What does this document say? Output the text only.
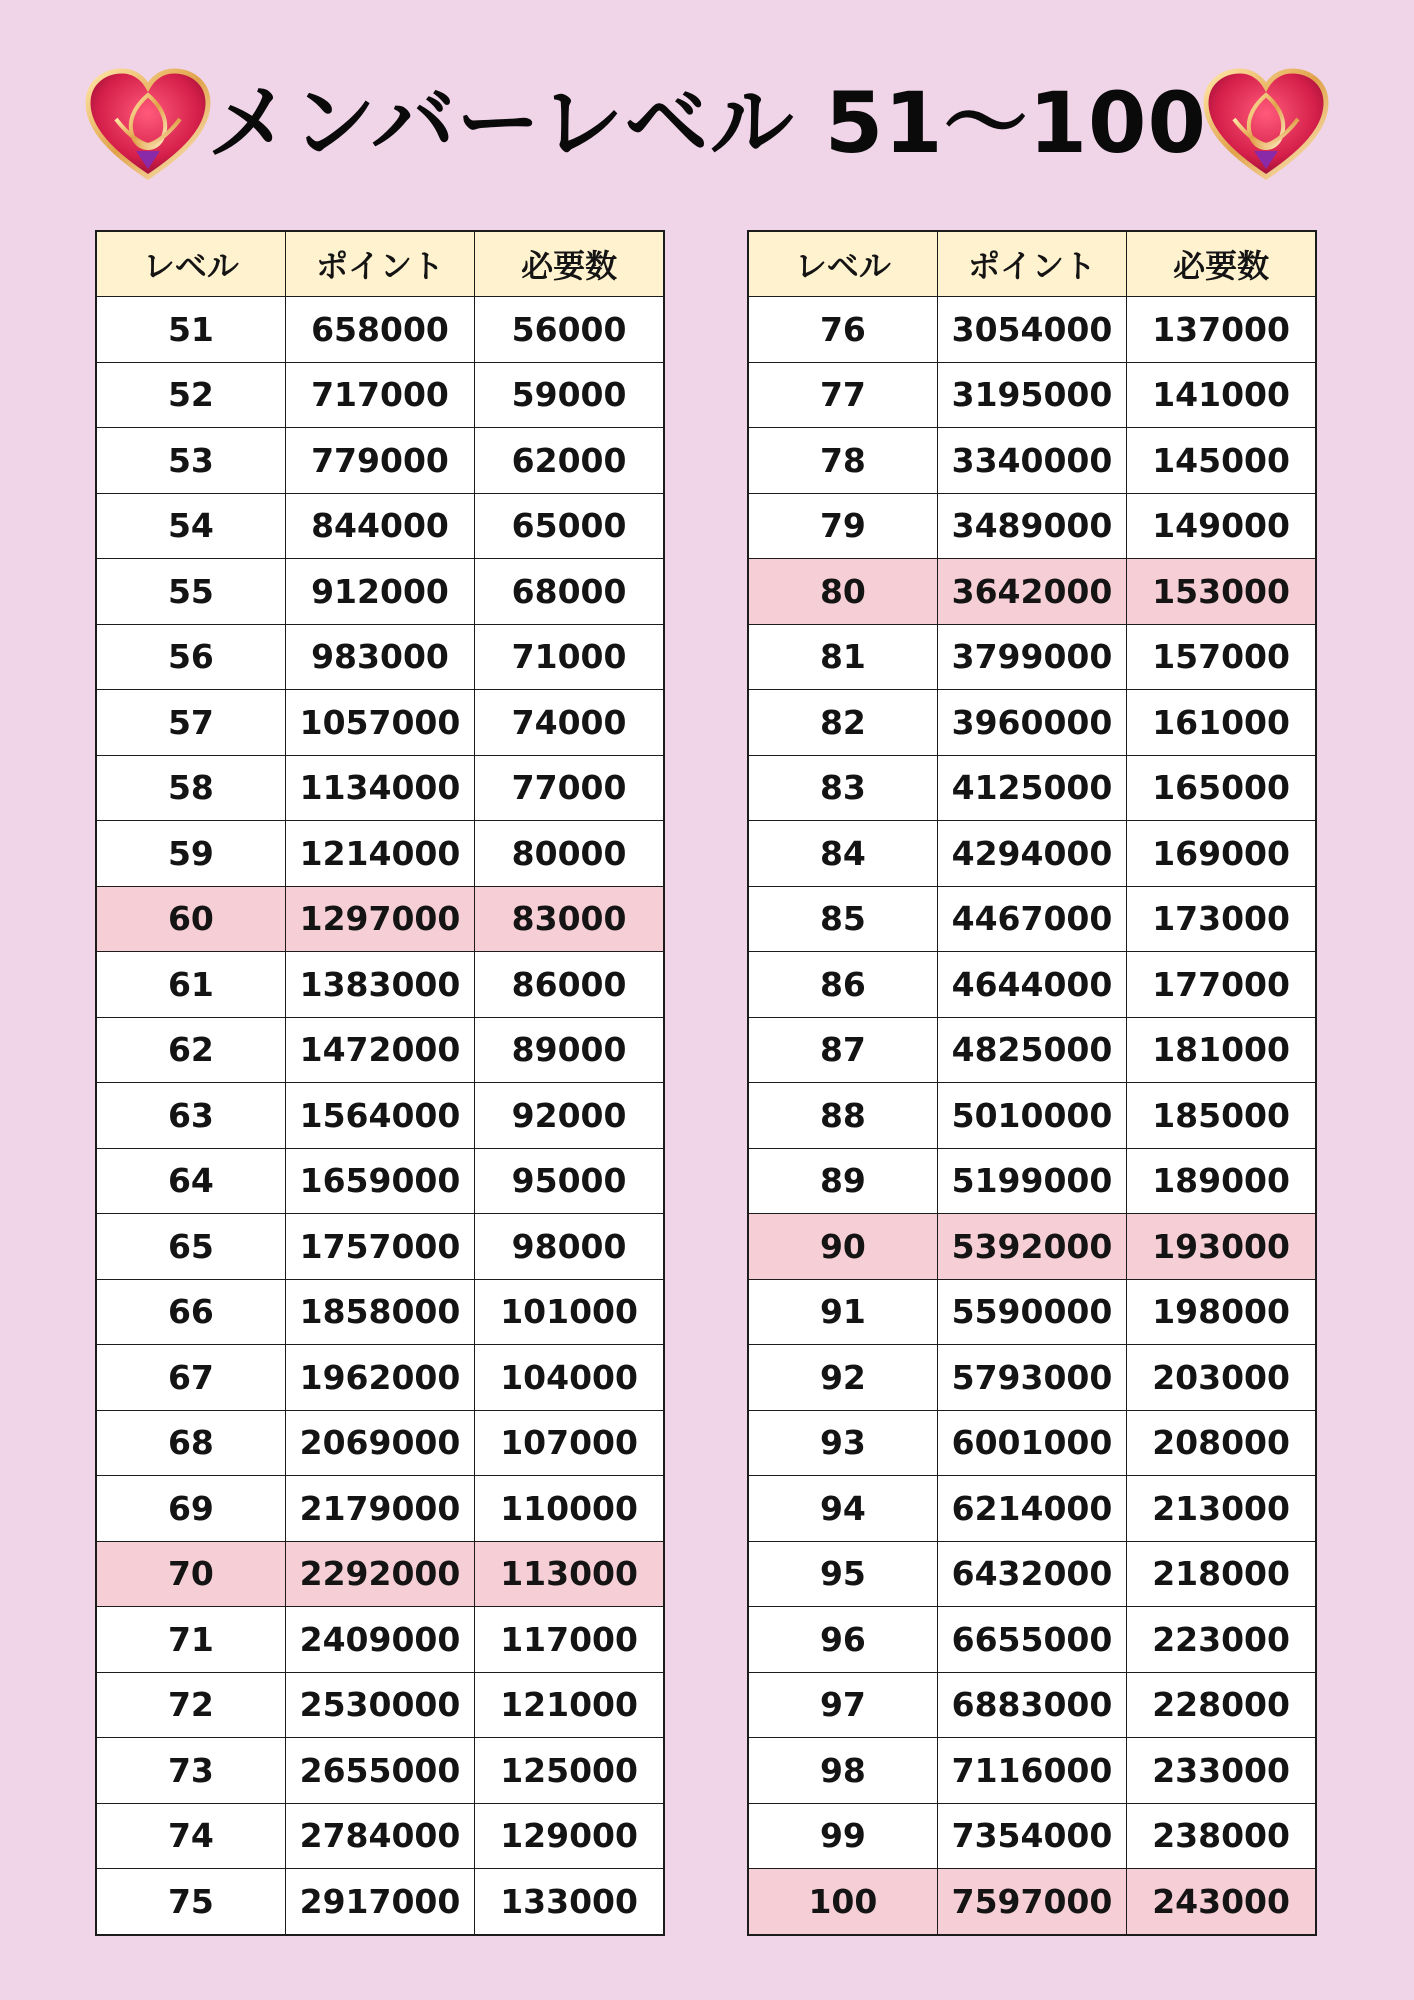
メンバーレベル 51〜100
レベル	ポイント	必要数
51	658000	56000
52	717000	59000
53	779000	62000
54	844000	65000
55	912000	68000
56	983000	71000
57	1057000	74000
58	1134000	77000
59	1214000	80000
60	1297000	83000
61	1383000	86000
62	1472000	89000
63	1564000	92000
64	1659000	95000
65	1757000	98000
66	1858000	101000
67	1962000	104000
68	2069000	107000
69	2179000	110000
70	2292000	113000
71	2409000	117000
72	2530000	121000
73	2655000	125000
74	2784000	129000
75	2917000	133000
レベル	ポイント	必要数
76	3054000	137000
77	3195000	141000
78	3340000	145000
79	3489000	149000
80	3642000	153000
81	3799000	157000
82	3960000	161000
83	4125000	165000
84	4294000	169000
85	4467000	173000
86	4644000	177000
87	4825000	181000
88	5010000	185000
89	5199000	189000
90	5392000	193000
91	5590000	198000
92	5793000	203000
93	6001000	208000
94	6214000	213000
95	6432000	218000
96	6655000	223000
97	6883000	228000
98	7116000	233000
99	7354000	238000
100	7597000	243000
